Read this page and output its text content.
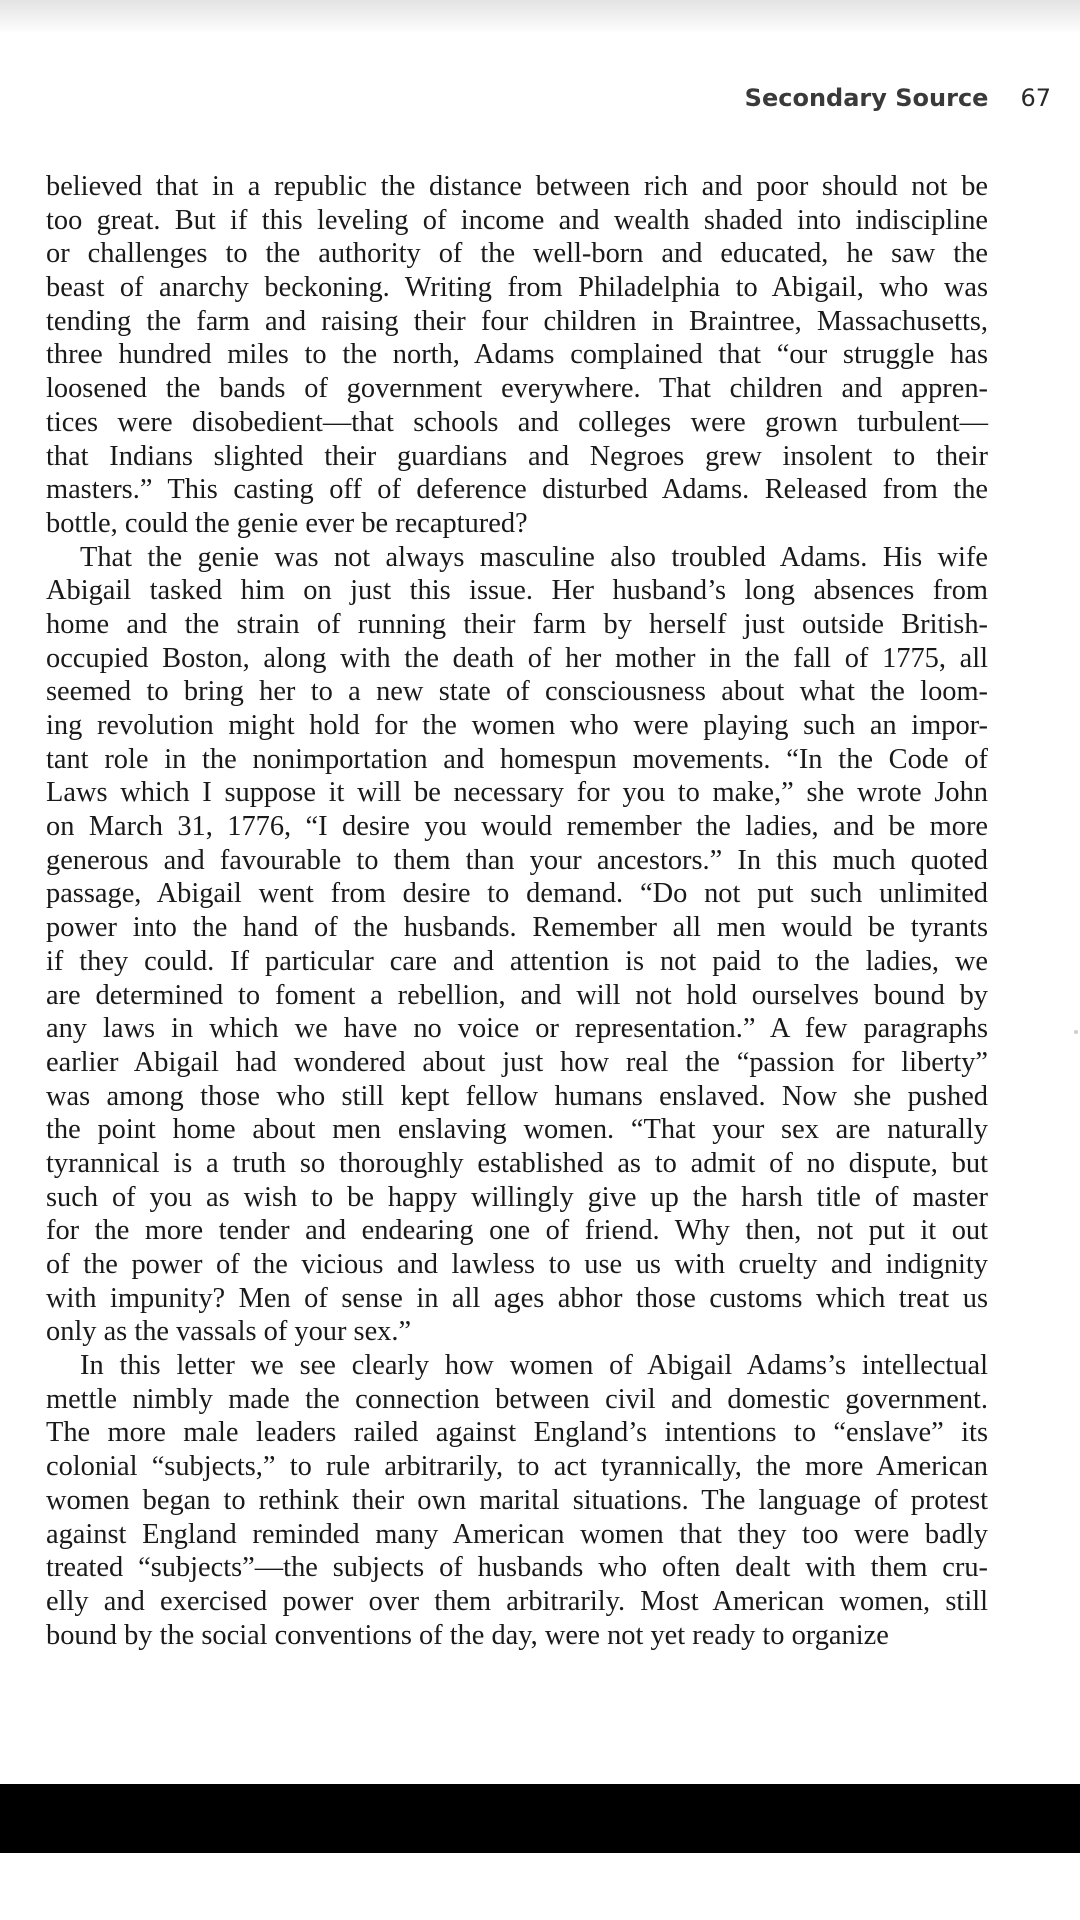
Secondary Source 67
believed that in a republic the distance between rich and poor should not be
too great. But if this leveling of income and wealth shaded into indiscipline
or challenges to the authority of the well-born and educated, he saw the
beast of anarchy beckoning. Writing from Philadelphia to Abigail, who was
tending the farm and raising their four children in Braintree, Massachusetts,
three hundred miles to the north, Adams complained that “our struggle has
loosened the bands of government everywhere. That children and appren-
tices were disobedient—that schools and colleges were grown turbulent—
that Indians slighted their guardians and Negroes grew insolent to their
masters.” This casting off of deference disturbed Adams. Released from the
bottle, could the genie ever be recaptured?
That the genie was not always masculine also troubled Adams. His wife
Abigail tasked him on just this issue. Her husband’s long absences from
home and the strain of running their farm by herself just outside British-
occupied Boston, along with the death of her mother in the fall of 1775, all
seemed to bring her to a new state of consciousness about what the loom-
ing revolution might hold for the women who were playing such an impor-
tant role in the nonimportation and homespun movements. “In the Code of
Laws which I suppose it will be necessary for you to make,” she wrote John
on March 31, 1776, “I desire you would remember the ladies, and be more
generous and favourable to them than your ancestors.” In this much quoted
passage, Abigail went from desire to demand. “Do not put such unlimited
power into the hand of the husbands. Remember all men would be tyrants
if they could. If particular care and attention is not paid to the ladies, we
are determined to foment a rebellion, and will not hold ourselves bound by
any laws in which we have no voice or representation.” A few paragraphs
earlier Abigail had wondered about just how real the “passion for liberty”
was among those who still kept fellow humans enslaved. Now she pushed
the point home about men enslaving women. “That your sex are naturally
tyrannical is a truth so thoroughly established as to admit of no dispute, but
such of you as wish to be happy willingly give up the harsh title of master
for the more tender and endearing one of friend. Why then, not put it out
of the power of the vicious and lawless to use us with cruelty and indignity
with impunity? Men of sense in all ages abhor those customs which treat us
only as the vassals of your sex.”
In this letter we see clearly how women of Abigail Adams’s intellectual
mettle nimbly made the connection between civil and domestic government.
The more male leaders railed against England’s intentions to “enslave” its
colonial “subjects,” to rule arbitrarily, to act tyrannically, the more American
women began to rethink their own marital situations. The language of protest
against England reminded many American women that they too were badly
treated “subjects”—the subjects of husbands who often dealt with them cru-
elly and exercised power over them arbitrarily. Most American women, still
bound by the social conventions of the day, were not yet ready to organize
